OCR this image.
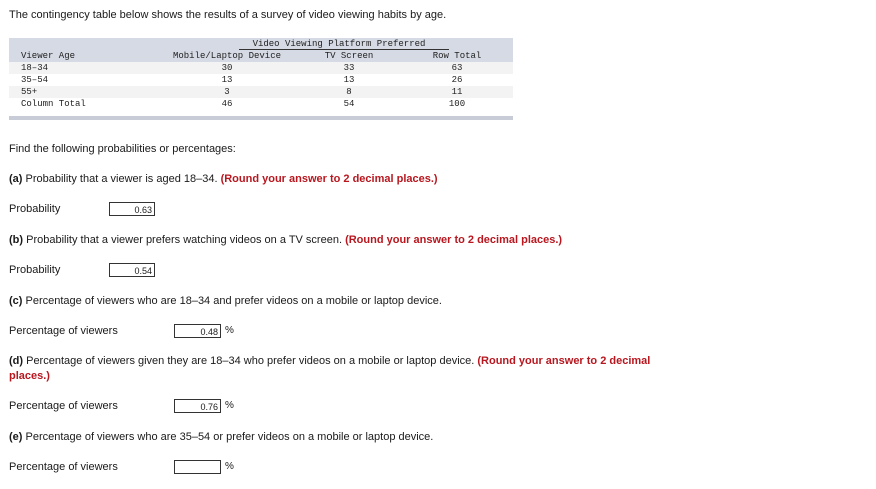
The contingency table below shows the results of a survey of video viewing habits by age.
Video Viewing Platform Preferred
Viewer Age	Mobile/Laptop Device	TV Screen	Row Total
18–34	30	33	63
35–54	13	13	26
55+	3	8	11
Column Total	46	54	100
Find the following probabilities or percentages:
(a) Probability that a viewer is aged 18–34. (Round your answer to 2 decimal places.)
Probability	0.63
(b) Probability that a viewer prefers watching videos on a TV screen. (Round your answer to 2 decimal places.)
Probability	0.54
(c) Percentage of viewers who are 18–34 and prefer videos on a mobile or laptop device.
Percentage of viewers	0.48 %
(d) Percentage of viewers given they are 18–34 who prefer videos on a mobile or laptop device. (Round your answer to 2 decimal
places.)
Percentage of viewers	0.76 %
(e) Percentage of viewers who are 35–54 or prefer videos on a mobile or laptop device.
Percentage of viewers	%
